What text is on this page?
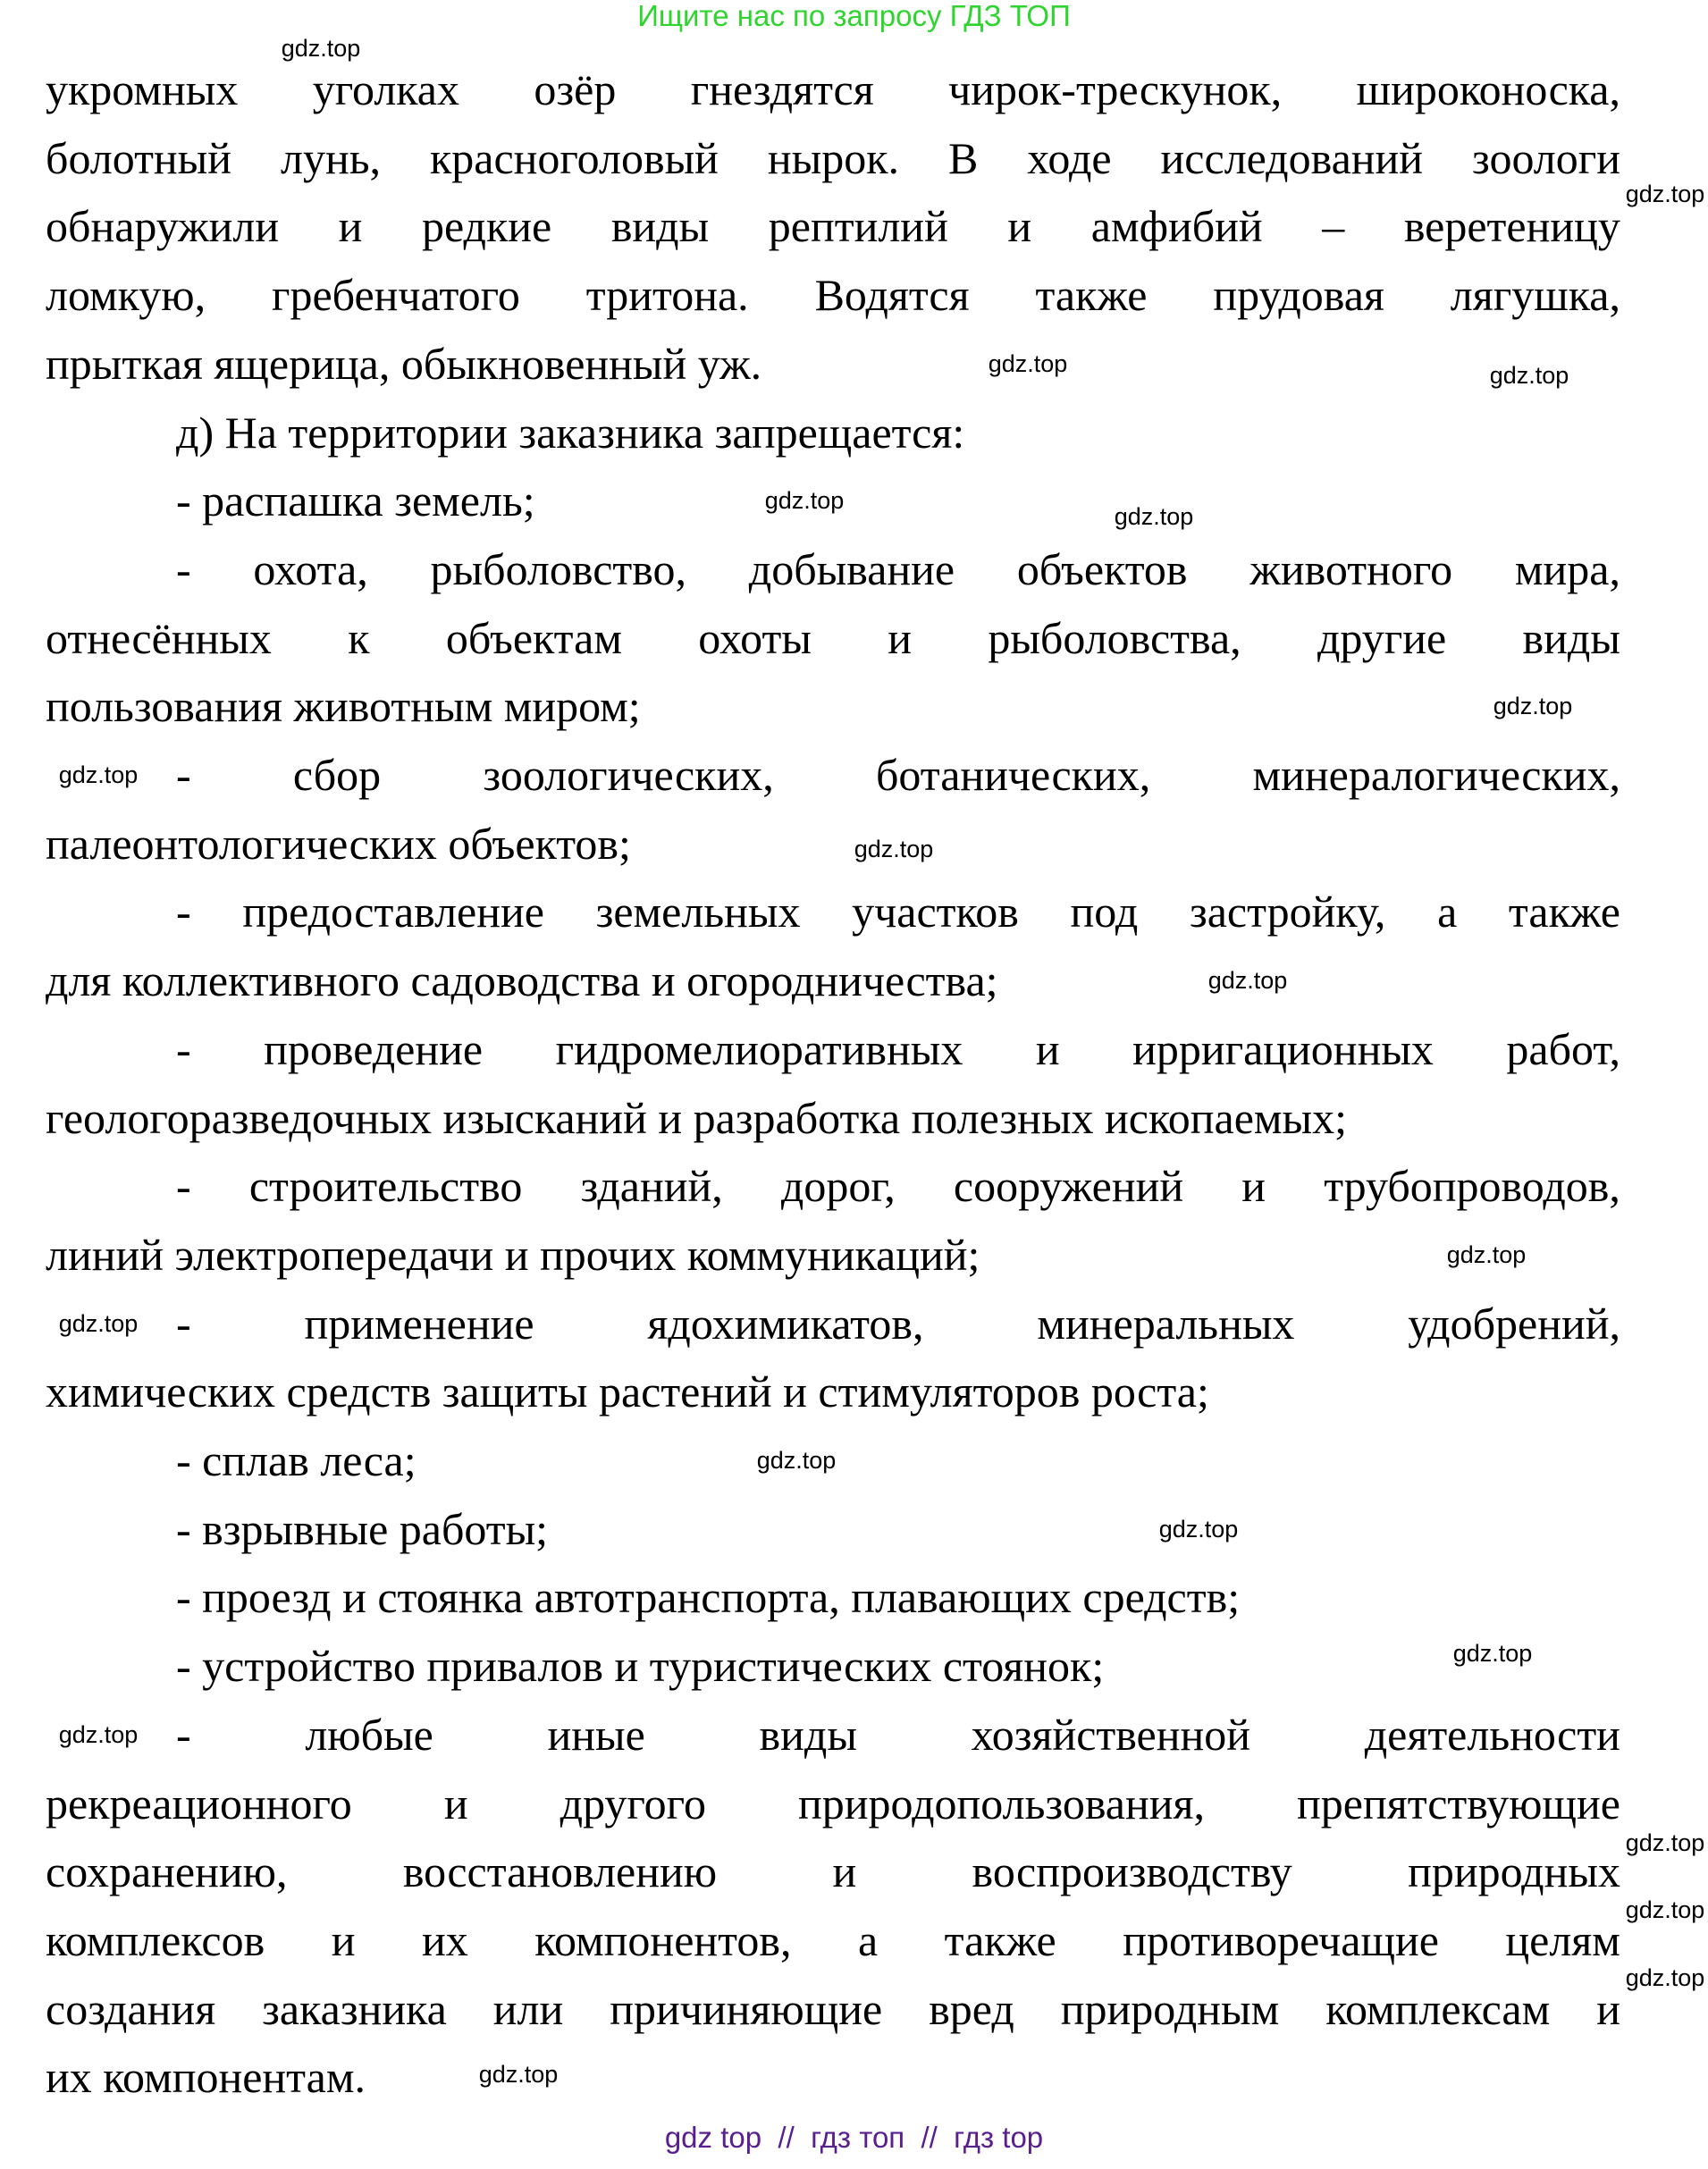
Ищите нас по запросу ГДЗ ТОП
укромных уголках озёр гнездятся чирок-трескунок, широконоска,
болотный лунь, красноголовый нырок. В ходе исследований зоологи
обнаружили и редкие виды рептилий и амфибий – веретеницу
ломкую, гребенчатого тритона. Водятся также прудовая лягушка,
прыткая ящерица, обыкновенный уж.
д) На территории заказника запрещается:
- распашка земель;
- охота, рыболовство, добывание объектов животного мира,
отнесённых к объектам охоты и рыболовства, другие виды
пользования животным миром;
- сбор зоологических, ботанических, минералогических,
палеонтологических объектов;
- предоставление земельных участков под застройку, а также
для коллективного садоводства и огородничества;
- проведение гидромелиоративных и ирригационных работ,
геологоразведочных изысканий и разработка полезных ископаемых;
- строительство зданий, дорог, сооружений и трубопроводов,
линий электропередачи и прочих коммуникаций;
-	применение	ядохимикатов,	минеральных	удобрений,
химических средств защиты растений и стимуляторов роста;
- сплав леса;
- взрывные работы;
- проезд и стоянка автотранспорта, плавающих средств;
- устройство привалов и туристических стоянок;
-	любые	иные	виды	хозяйственной	деятельности
рекреационного и другого природопользования, препятствующие
сохранению,	восстановлению	и	воспроизводству	природных
комплексов и их компонентов, а также противоречащие целям
создания заказника или причиняющие вред природным комплексам и
их компонентам.
gdz.top
gdz.top
gdz.top	gdz.top
gdz.top
gdz.top
gdz.top
gdz.top
gdz.top
gdz.top
gdz.top
gdz.top
gdz.top
gdz.top
gdz.top
gdz.top
gdz.top
gdz.top
gdz.top
gdz.top
gdz top  //  гдз топ  //  гдз top
